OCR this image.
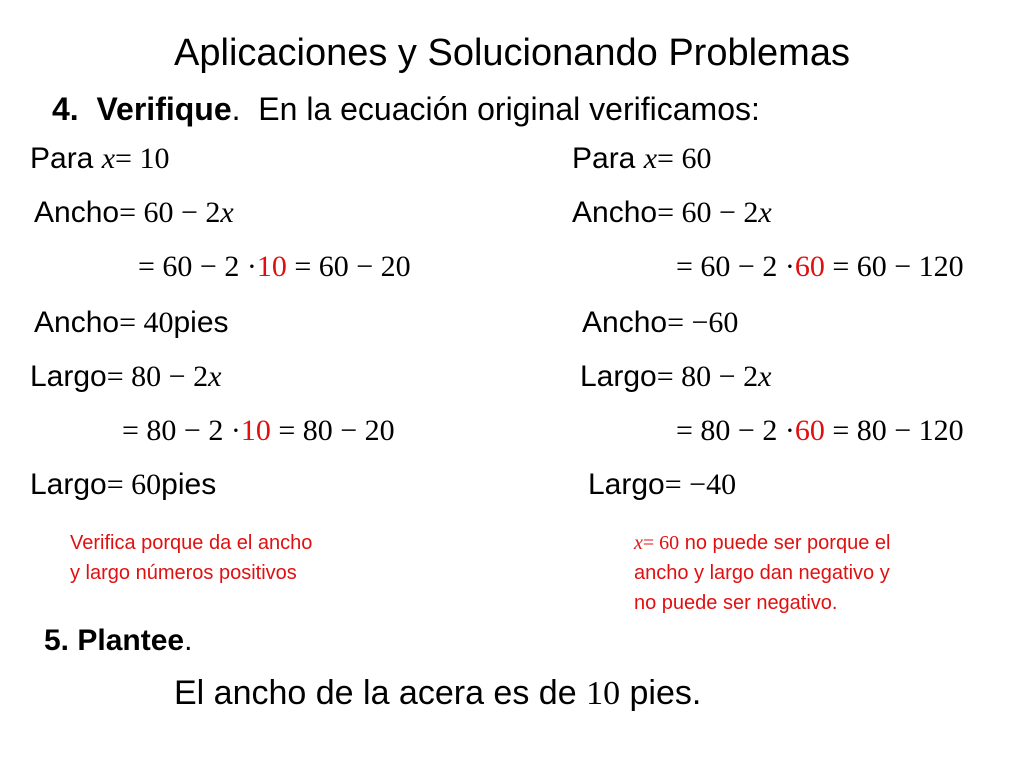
Aplicaciones y Solucionando Problemas
4. Verifique. En la ecuación original verificamos:
Para x= 10
Ancho= 60 − 2x
= 60 − 2 ·10 = 60 − 20
Ancho= 40pies
Largo= 80 − 2x
= 80 − 2 ·10 = 80 − 20
Largo= 60pies
Verifica porque da el ancho
y largo números positivos
Para x= 60
Ancho= 60 − 2x
= 60 − 2 ·60 = 60 − 120
Ancho= −60
Largo= 80 − 2x
= 80 − 2 ·60 = 80 − 120
Largo= −40
x= 60 no puede ser porque el
ancho y largo dan negativo y
no puede ser negativo.
5. Plantee.
El ancho de la acera es de 10 pies.
